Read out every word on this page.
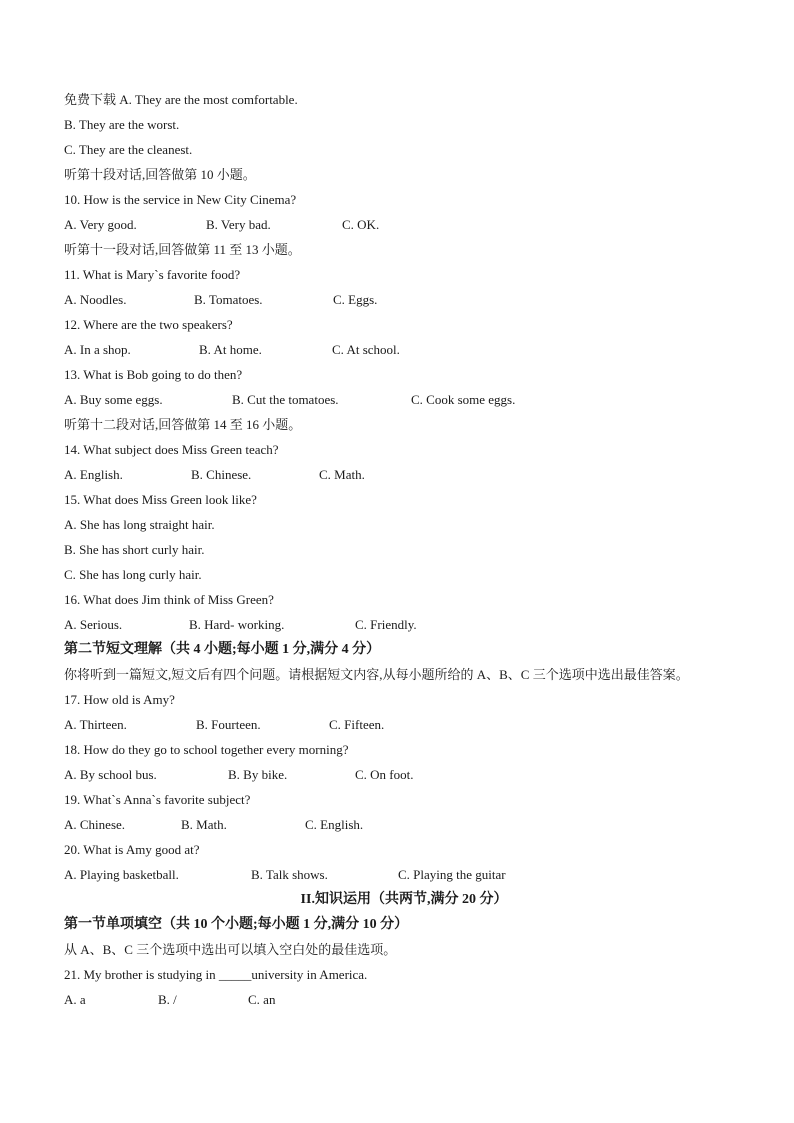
免费下载 A. They are the most comfortable.
B. They are the worst.
C. They are the cleanest.
听第十段对话,回答做第 10 小题。
10. How is the service in New City Cinema?
A. Very good.	B. Very bad.	C. OK.
听第十一段对话,回答做第 11 至 13 小题。
11. What is Mary`s favorite food?
A. Noodles.	B. Tomatoes.	C. Eggs.
12. Where are the two speakers?
A. In a shop.	B. At home.	C. At school.
13. What is Bob going to do then?
A. Buy some eggs.	B. Cut the tomatoes.	C. Cook some eggs.
听第十二段对话,回答做第 14 至 16 小题。
14. What subject does Miss Green teach?
A. English.	B. Chinese.	C. Math.
15. What does Miss Green look like?
A. She has long straight hair.
B. She has short curly hair.
C. She has long curly hair.
16. What does Jim think of Miss Green?
A. Serious.	B. Hard- working.	C. Friendly.
第二节短文理解（共 4 小题;每小题 1 分,满分 4 分）
你将听到一篇短文,短文后有四个问题。请根据短文内容,从每小题所给的 A、B、C 三个选项中选出最佳答案。
17. How old is Amy?
A. Thirteen.	B. Fourteen.	C. Fifteen.
18. How do they go to school together every morning?
A. By school bus.	B. By bike.	C. On foot.
19. What`s Anna`s favorite subject?
A. Chinese.	B. Math.	C. English.
20. What is Amy good at?
A. Playing basketball.	B. Talk shows.	C. Playing the guitar
II.知识运用（共两节,满分 20 分）
第一节单项填空（共 10 个小题;每小题 1 分,满分 10 分）
从 A、B、C 三个选项中选出可以填入空白处的最佳选项。
21. My brother is studying in _____university in America.
A. a	B. /	C. an
